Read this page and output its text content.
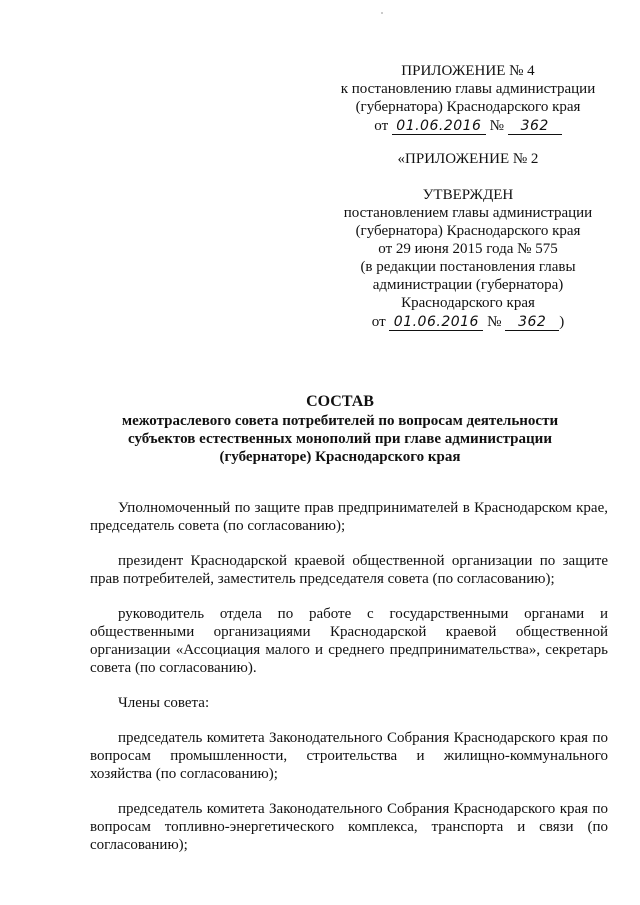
ПРИЛОЖЕНИЕ № 4
к постановлению главы администрации
(губернатора) Краснодарского края
от 01.06.2016 № 362
«ПРИЛОЖЕНИЕ № 2
УТВЕРЖДЕН
постановлением главы администрации
(губернатора) Краснодарского края
от 29 июня 2015 года № 575
(в редакции постановления главы
администрации (губернатора)
Краснодарского края
от 01.06.2016 № 362 )
СОСТАВ
межотраслевого совета потребителей по вопросам деятельности
субъектов естественных монополий при главе администрации
(губернаторе) Краснодарского края
Уполномоченный по защите прав предпринимателей в Краснодарском крае, председатель совета (по согласованию);
президент Краснодарской краевой общественной организации по защите прав потребителей, заместитель председателя совета (по согласованию);
руководитель отдела по работе с государственными органами и общественными организациями Краснодарской краевой общественной организации «Ассоциация малого и среднего предпринимательства», секретарь совета (по согласованию).
Члены совета:
председатель комитета Законодательного Собрания Краснодарского края по вопросам промышленности, строительства и жилищно-коммунального хозяйства (по согласованию);
председатель комитета Законодательного Собрания Краснодарского края по вопросам топливно-энергетического комплекса, транспорта и связи (по согласованию);
